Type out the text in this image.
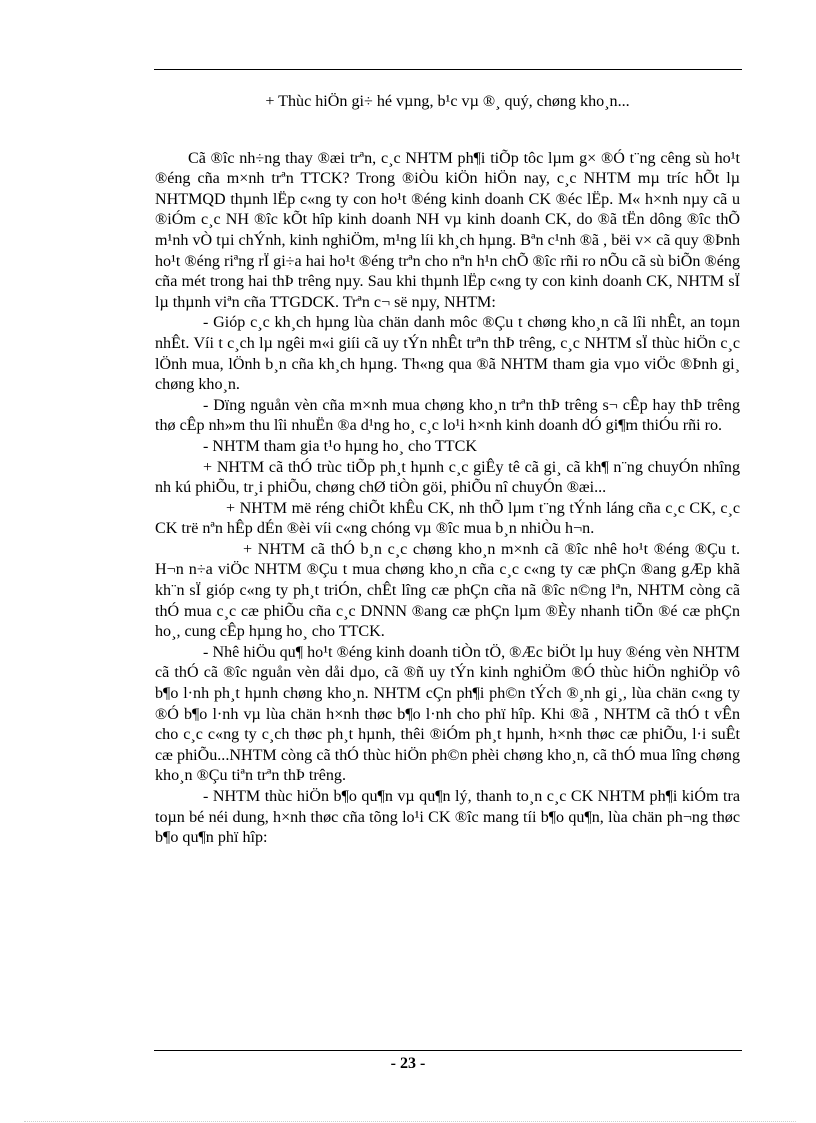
+ Thùc hiÖn gi÷ hé vµng, b¹c vµ ®¸ quý, chøng kho¸n...

Cã ®îc nh÷ng thay ®æi trªn, c¸c NHTM ph¶i tiÕp tôc lµm g× ®Ó t¨ng cêng sù ho¹t ®éng cña m×nh trªn TTCK? Trong ®iÒu kiÖn hiÖn nay, c¸c NHTM mµ tríc hÕt lµ NHTMQD thµnh lËp c«ng ty con ho¹t ®éng kinh doanh CK ®éc lËp. M« h×nh nµy cã u ®iÓm c¸c NH ®îc kÕt hîp kinh doanh NH vµ kinh doanh CK, do ®ã tËn dông ®îc thÕ m¹nh vÒ tµi chÝnh, kinh nghiÖm, m¹ng líi kh¸ch hµng. Bªn c¹nh ®ã , bëi v× cã quy ®Þnh ho¹t ®éng riªng rÏ gi÷a hai ho¹t ®éng trªn cho nªn h¹n chÕ ®îc rñi ro nÕu cã sù biÕn ®éng cña mét trong hai thÞ trêng nµy. Sau khi thµnh lËp c«ng ty con kinh doanh CK, NHTM sÏ lµ thµnh viªn cña TTGDCK. Trªn c¬ së nµy, NHTM:

- Gióp c¸c kh¸ch hµng lùa chän danh môc ®Çu t chøng kho¸n cã lîi nhÊt, an toµn nhÊt. Víi t c¸ch lµ ngêi m«i giíi cã uy tÝn nhÊt trªn thÞ trêng, c¸c NHTM sÏ thùc hiÖn c¸c lÖnh mua, lÖnh b¸n cña kh¸ch hµng. Th«ng qua ®ã NHTM tham gia vµo viÖc ®Þnh gi¸ chøng kho¸n.

- Dïng nguån vèn cña m×nh mua chøng kho¸n trªn thÞ trêng s¬ cÊp hay thÞ trêng thø cÊp nh»m thu lîi nhuËn ®a d¹ng ho¸ c¸c lo¹i h×nh kinh doanh dÓ gi¶m thiÓu rñi ro.

- NHTM tham gia t¹o hµng ho¸ cho TTCK

+ NHTM cã thÓ trùc tiÕp ph¸t hµnh c¸c giÊy tê cã gi¸ cã kh¶ n¨ng chuyÓn nhîng nh kú phiÕu, tr¸i phiÕu, chøng chØ tiÒn göi, phiÕu nî chuyÓn ®æi...

+ NHTM më réng chiÕt khÊu CK, nh thÕ lµm t¨ng tÝnh láng cña c¸c CK, c¸c CK trë nªn hÊp dÉn ®èi víi c«ng chóng vµ ®îc mua b¸n nhiÒu h¬n.

+ NHTM cã thÓ b¸n c¸c chøng kho¸n m×nh cã ®îc nhê ho¹t ®éng ®Çu t. H¬n n÷a viÖc NHTM ®Çu t mua chøng kho¸n cña c¸c c«ng ty cæ phÇn ®ang gÆp khã kh¨n sÏ gióp c«ng ty ph¸t triÓn, chÊt lîng cæ phÇn cña nã ®îc n©ng lªn, NHTM còng cã thÓ mua c¸c cæ phiÕu cña c¸c DNNN ®ang cæ phÇn lµm ®Èy nhanh tiÕn ®é cæ phÇn ho¸, cung cÊp hµng ho¸ cho TTCK.

- Nhê hiÖu qu¶ ho¹t ®éng kinh doanh tiÒn tÖ, ®Æc biÖt lµ huy ®éng vèn NHTM cã thÓ cã ®îc nguån vèn dåi dµo, cã ®ñ uy tÝn kinh nghiÖm ®Ó thùc hiÖn nghiÖp vô b¶o l·nh ph¸t hµnh chøng kho¸n. NHTM cÇn ph¶i ph©n tÝch ®¸nh gi¸, lùa chän c«ng ty ®Ó b¶o l·nh vµ lùa chän h×nh thøc b¶o l·nh cho phï hîp. Khi ®ã , NHTM cã thÓ t vÊn cho c¸c c«ng ty c¸ch thøc ph¸t hµnh, thêi ®iÓm ph¸t hµnh, h×nh thøc cæ phiÕu, l·i suÊt cæ phiÕu...NHTM còng cã thÓ thùc hiÖn ph©n phèi chøng kho¸n, cã thÓ mua lîng chøng kho¸n ®Çu tiªn trªn thÞ trêng.

- NHTM thùc hiÖn b¶o qu¶n vµ qu¶n lý, thanh to¸n c¸c CK NHTM ph¶i kiÓm tra toµn bé néi dung, h×nh thøc cña tõng lo¹i CK ®îc mang tíi b¶o qu¶n, lùa chän ph¬ng thøc b¶o qu¶n phï hîp:

- 23 -
